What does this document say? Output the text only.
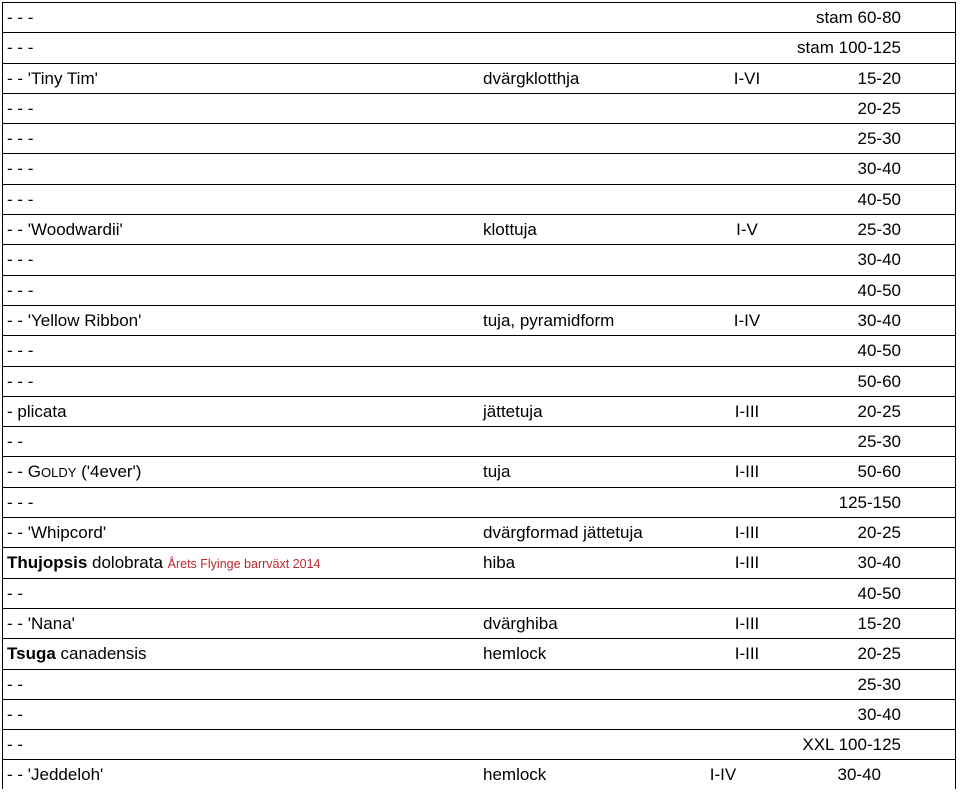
- - -	stam 60-80
- - -	stam 100-125
- - 'Tiny Tim'	dvärgklotthja	I-VI	15-20
- - -	20-25
- - -	25-30
- - -	30-40
- - -	40-50
- - 'Woodwardii'	klottuja	I-V	25-30
- - -	30-40
- - -	40-50
- - 'Yellow Ribbon'	tuja, pyramidform	I-IV	30-40
- - -	40-50
- - -	50-60
- plicata	jättetuja	I-III	20-25
- -	25-30
- - GOLDY ('4ever')	tuja	I-III	50-60
- - -	125-150
- - 'Whipcord'	dvärgformad jättetuja	I-III	20-25
Thujopsis dolobrata Årets Flyinge barrväxt 2014	hiba	I-III	30-40
- -	40-50
- - 'Nana'	dvärghiba	I-III	15-20
Tsuga canadensis	hemlock	I-III	20-25
- -	25-30
- -	30-40
- -	XXL 100-125
- - 'Jeddeloh'	hemlock	I-IV	30-40
